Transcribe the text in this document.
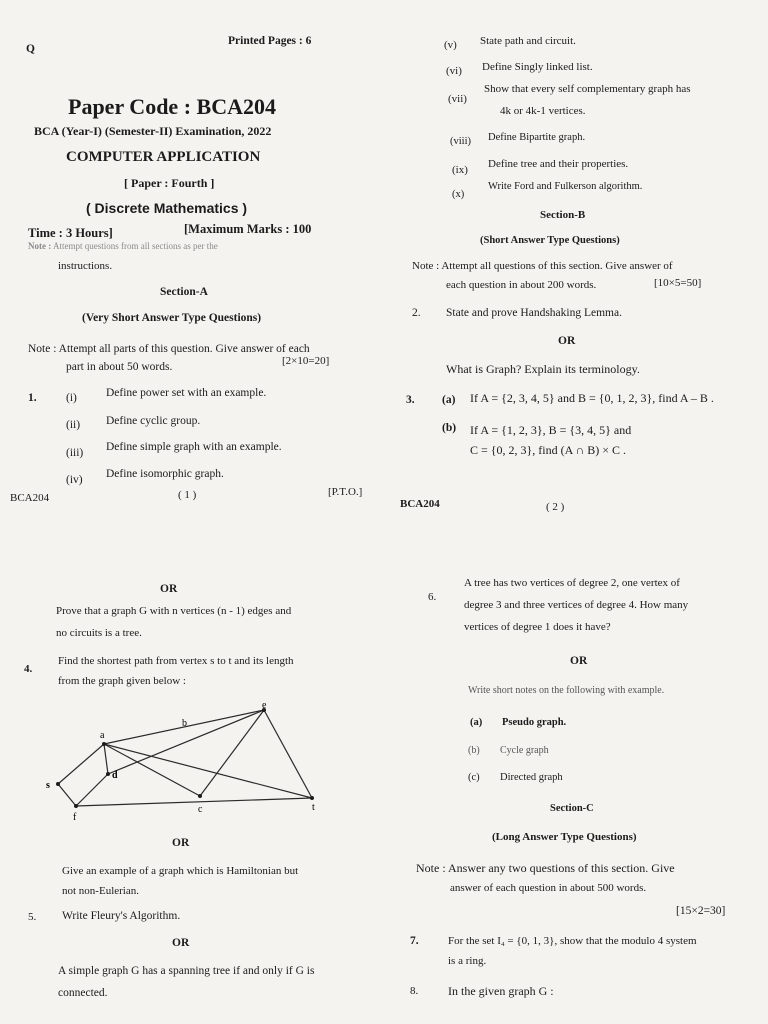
Q
Printed Pages : 6
Paper Code : BCA204
BCA (Year-I) (Semester-II) Examination, 2022
COMPUTER APPLICATION
[ Paper : Fourth ]
( Discrete Mathematics )
Time : 3 Hours]	[Maximum Marks : 100
Note : Attempt questions from all sections as per the
instructions.
Section-A
(Very Short Answer Type Questions)
Note : Attempt all parts of this question. Give answer of each
part in about 50 words.	[2×10=20]
1.	(i)	Define power set with an example.
(ii) Define cyclic group.
(iii) Define simple graph with an example.
(iv) Define isomorphic graph.
BCA204	( 1 )	[P.T.O.]
(v) State path and circuit.
(vi) Define Singly linked list.
(vii)
Show that every self complementary graph has
4k or 4k-1 vertices.
(viii) Define Bipartite graph.
(ix) Define tree and their properties.
(x)
Write Ford and Fulkerson algorithm.
Section-B
(Short Answer Type Questions)
Note : Attempt all questions of this section. Give answer of
each question in about 200 words.	[10×5=50]
2. State and prove Handshaking Lemma.
OR
What is Graph? Explain its terminology.
3. (a) If A = {2, 3, 4, 5} and B = {0, 1, 2, 3}, find A – B .
(b) If A = {1, 2, 3}, B = {3, 4, 5} and
C = {0, 2, 3}, find (A ∩ B) × C .
BCA204	( 2 )
OR
Prove that a graph G with n vertices (n - 1) edges and
no circuits is a tree.
4.
Find the shortest path from vertex s to t and its length
from the graph given below :
a
b
e
d
s
f
c	t
OR
Give an example of a graph which is Hamiltonian but
not non-Eulerian.
5. Write Fleury's Algorithm.
OR
A simple graph G has a spanning tree if and only if G is
connected.
6.
A tree has two vertices of degree 2, one vertex of
degree 3 and three vertices of degree 4. How many
vertices of degree 1 does it have?
OR
Write short notes on the following with example.
(a) Pseudo graph.
(b) Cycle graph
(c) Directed graph
Section-C
(Long Answer Type Questions)
Note : Answer any two questions of this section. Give
answer of each question in about 500 words.
[15×2=30]
7.	For the set I₄ = {0, 1, 3}, show that the modulo 4 system
is a ring.
8. In the given graph G :
